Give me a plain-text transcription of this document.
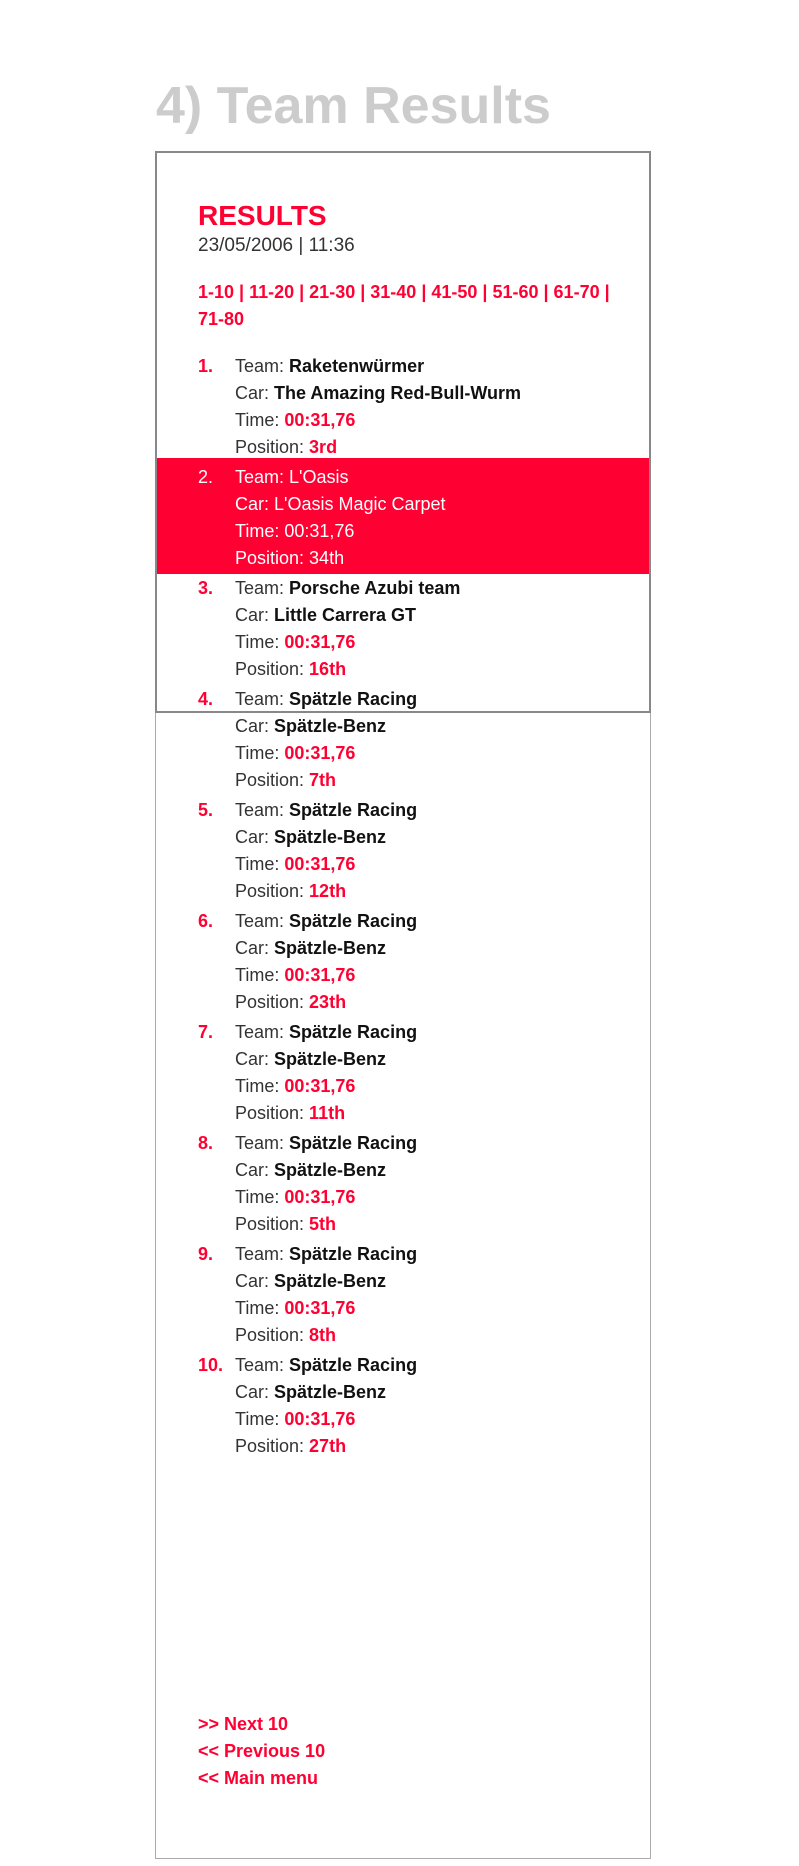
4) Team Results
RESULTS
23/05/2006 | 11:36
1-10 | 11-20 | 21-30 | 31-40 | 41-50 | 51-60 | 61-70 | 71-80
1. Team: Raketenwürmer
Car: The Amazing Red-Bull-Wurm
Time: 00:31,76
Position: 3rd
2. Team: L'Oasis
Car: L'Oasis Magic Carpet
Time: 00:31,76
Position: 34th
3. Team: Porsche Azubi team
Car: Little Carrera GT
Time: 00:31,76
Position: 16th
4. Team: Spätzle Racing
Car: Spätzle-Benz
Time: 00:31,76
Position: 7th
5. Team: Spätzle Racing
Car: Spätzle-Benz
Time: 00:31,76
Position: 12th
6. Team: Spätzle Racing
Car: Spätzle-Benz
Time: 00:31,76
Position: 23th
7. Team: Spätzle Racing
Car: Spätzle-Benz
Time: 00:31,76
Position: 11th
8. Team: Spätzle Racing
Car: Spätzle-Benz
Time: 00:31,76
Position: 5th
9. Team: Spätzle Racing
Car: Spätzle-Benz
Time: 00:31,76
Position: 8th
10. Team: Spätzle Racing
Car: Spätzle-Benz
Time: 00:31,76
Position: 27th
>> Next 10
<< Previous 10
<< Main menu
